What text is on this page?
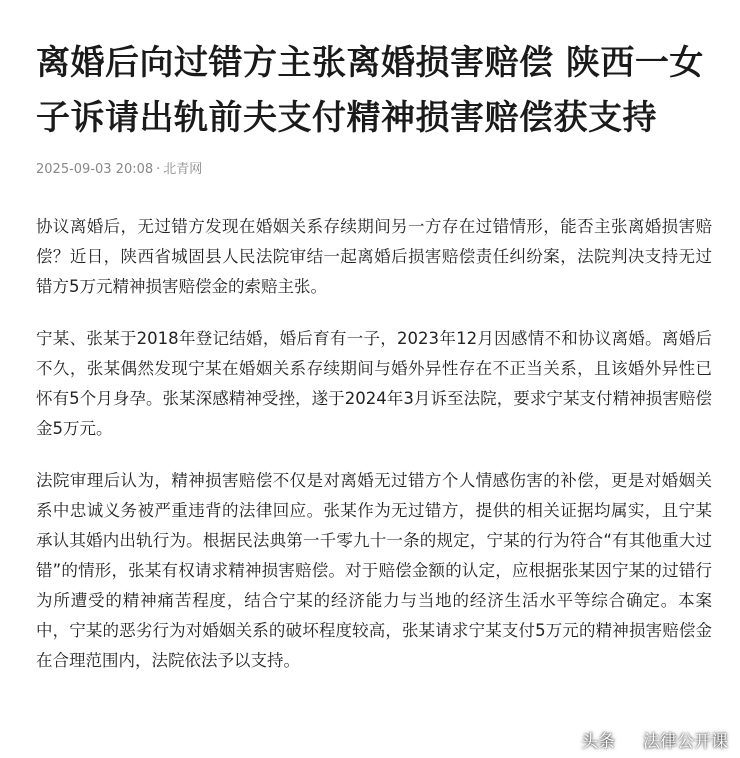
离婚后向过错方主张离婚损害赔偿 陕西一女子诉请出轨前夫支付精神损害赔偿获支持
2025-09-03 20:08 · 北青网

协议离婚后，无过错方发现在婚姻关系存续期间另一方存在过错情形，能否主张离婚损害赔偿？近日，陕西省城固县人民法院审结一起离婚后损害赔偿责任纠纷案，法院判决支持无过错方5万元精神损害赔偿金的索赔主张。

宁某、张某于2018年登记结婚，婚后育有一子，2023年12月因感情不和协议离婚。离婚后不久，张某偶然发现宁某在婚姻关系存续期间与婚外异性存在不正当关系，且该婚外异性已怀有5个月身孕。张某深感精神受挫，遂于2024年3月诉至法院，要求宁某支付精神损害赔偿金5万元。

法院审理后认为，精神损害赔偿不仅是对离婚无过错方个人情感伤害的补偿，更是对婚姻关系中忠诚义务被严重违背的法律回应。张某作为无过错方，提供的相关证据均属实，且宁某承认其婚内出轨行为。根据民法典第一千零九十一条的规定，宁某的行为符合“有其他重大过错”的情形，张某有权请求精神损害赔偿。对于赔偿金额的认定，应根据张某因宁某的过错行为所遭受的精神痛苦程度，结合宁某的经济能力与当地的经济生活水平等综合确定。本案中，宁某的恶劣行为对婚姻关系的破坏程度较高，张某请求宁某支付5万元的精神损害赔偿金在合理范围内，法院依法予以支持。

头条 法律公开课
